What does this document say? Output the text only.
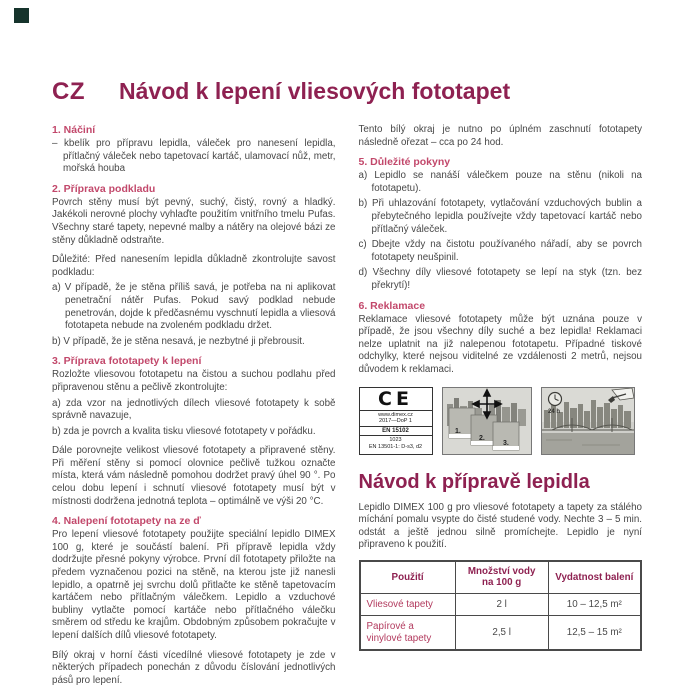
CZ Návod k lepení vliesových fototapet
1. Náčiní

– kbelík pro přípravu lepidla, váleček pro nanesení lepidla, přítlačný váleček nebo tapetovací kartáč, ulamovací nůž, metr, mořská houba

2. Příprava podkladu

Povrch stěny musí být pevný, suchý, čistý, rovný a hladký. Jakékoli nerovné plochy vyhlaďte použitím vnitřního tmelu Pufas. Všechny staré tapety, nepevné malby a nátěry na olejové bázi ze stěny důkladně odstraňte.

Důležité: Před nanesením lepidla důkladně zkontrolujte savost podkladu:

a) V případě, že je stěna příliš savá, je potřeba na ni aplikovat penetrační nátěr Pufas. Pokud savý podklad nebude penetrován, dojde k předčasnému vyschnutí lepidla a vliesová fototapeta nebude na zvoleném podkladu držet.

b) V případě, že je stěna nesavá, je nezbytné ji přebrousit.

3. Příprava fototapety k lepení

Rozložte vliesovou fototapetu na čistou a suchou podlahu před připravenou stěnu a pečlivě zkontrolujte:

a) zda vzor na jednotlivých dílech vliesové fototapety k sobě správně navazuje,

b) zda je povrch a kvalita tisku vliesové fototapety v pořádku.

Dále porovnejte velikost vliesové fototapety a připravené stěny. Při měření stěny si pomocí olovnice pečlivě tužkou označte místa, která vám následně pomohou dodržet pravý úhel 90 °. Po celou dobu lepení i schnutí vliesové fototapety musí být v místnosti dodržena jednotná teplota – optimálně ve výši 20 °C.

4. Nalepení fototapety na ze ď

Pro lepení vliesové fototapety použijte speciální lepidlo DIMEX 100 g, které je součástí balení. Při přípravě lepidla vždy dodržujte přesné pokyny výrobce. První díl fototapety přiložte na předem vyznačenou pozici na stěně, na kterou jste již nanesli lepidlo, a opatrně jej svrchu dolů přitlačte ke stěně tapetovacím kartáčem nebo přítlačným válečkem. Lepidlo a vzduchové bubliny vytlačte pomocí kartáče nebo přítlačného válečku směrem od středu ke krajům. Obdobným způsobem pokračujte v lepení dalších dílů vliesové fototapety.

Bílý okraj v horní části vícedílné vliesové fototapety je zde v některých případech ponechán z důvodu číslování jednotlivých pásů pro lepení.

Tento bílý okraj je nutno po úplném zaschnutí fototapety následně ořezat – cca po 24 hod.

5. Důležité pokyny

a) Lepidlo se nanáší válečkem pouze na stěnu (nikoli na fototapetu).

b) Při uhlazování fototapety, vytlačování vzduchových bublin a přebytečného lepidla používejte vždy tapetovací kartáč nebo přítlačný váleček.

c) Dbejte vždy na čistotu používaného nářadí, aby se povrch fototapety neušpinil.

d) Všechny díly vliesové fototapety se lepí na styk (tzn. bez překrytí)!

6. Reklamace

Reklamace vliesové fototapety může být uznána pouze v případě, že jsou všechny díly suché a bez lepidla! Reklamaci nelze uplatnit na již nalepenou fototapetu. Případné tiskové odchylky, které nejsou viditelné ze vzdálenosti 2 metrů, nejsou důvodem k reklamaci.

CE
www.dimex.cz
2017—DoP 1
EN 15102
1023
EN 13501-1: D-s3, d2
1.
2.
3.
24 h
Návod k přípravě lepidla

Lepidlo DIMEX 100 g pro vliesové fototapety a tapety za stálého míchání pomalu vsypte do čisté studené vody. Nechte 3 – 5 min. odstát a ještě jednou silně promíchejte. Lepidlo je nyní připraveno k použití.

Použití	Množství vody na 100 g	Vydatnost balení
Vliesové tapety	2 l	10 – 12,5 m²
Papírové a vinylové tapety	2,5 l	12,5 – 15 m²
